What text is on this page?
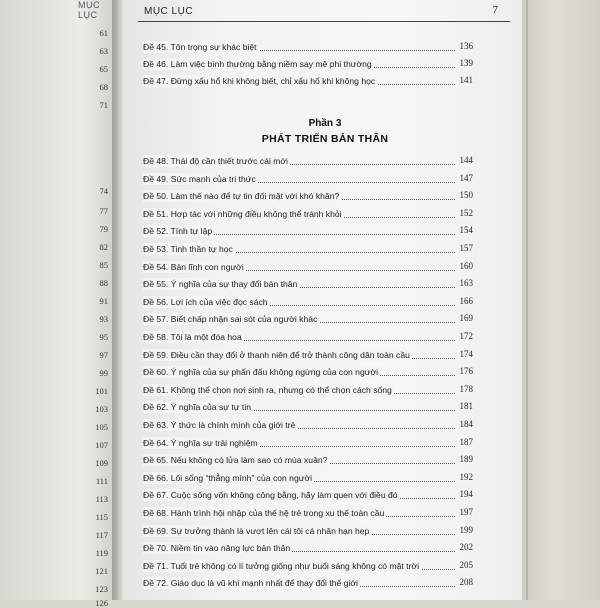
MỤC LỤC
61
63
65
68
71
74
77
79
82
85
88
91
93
95
97
99
101
103
105
107
109
111
113
115
117
119
121
123
126
MỤC LỤC	7
Đề 45. Tôn trọng sự khác biệt	136
Đề 46. Làm việc bình thường bằng niềm say mê phi thường	139
Đề 47. Đừng xấu hổ khi không biết, chỉ xấu hổ khi không học	141
Phần 3
PHÁT TRIỂN BẢN THÂN
Đề 48. Thái độ cần thiết trước cái mới	144
Đề 49. Sức mạnh của tri thức	147
Đề 50. Làm thế nào để tự tin đối mặt với khó khăn?	150
Đề 51. Hợp tác với những điều không thể tránh khỏi	152
Đề 52. Tính tự lập	154
Đề 53. Tinh thần tự học	157
Đề 54. Bản lĩnh con người	160
Đề 55. Ý nghĩa của sự thay đổi bản thân	163
Đề 56. Lợi ích của việc đọc sách	166
Đề 57. Biết chấp nhận sai sót của người khác	169
Đề 58. Tôi là một đóa hoa	172
Đề 59. Điều cần thay đổi ở thanh niên để trở thành công dân toàn cầu	174
Đề 60. Ý nghĩa của sự phấn đấu không ngừng của con người	176
Đề 61. Không thể chọn nơi sinh ra, nhưng có thể chọn cách sống	178
Đề 62. Ý nghĩa của sự tự tin	181
Đề 63. Ý thức là chính mình của giới trẻ	184
Đề 64. Ý nghĩa sự trải nghiệm	187
Đề 65. Nếu không có lửa làm sao có mùa xuân?	189
Đề 66. Lối sống “thẳng mình” của con người	192
Đề 67. Cuộc sống vốn không công bằng, hãy làm quen với điều đó	194
Đề 68. Hành trình hội nhập của thế hệ trẻ trong xu thế toàn cầu	197
Đề 69. Sự trưởng thành là vượt lên cái tôi cá nhân hạn hẹp	199
Đề 70. Niềm tin vào năng lực bản thân	202
Đề 71. Tuổi trẻ không có lí tưởng giống như buổi sáng không có mặt trời	205
Đề 72. Giáo dục là vũ khí mạnh nhất để thay đổi thế giới	208
